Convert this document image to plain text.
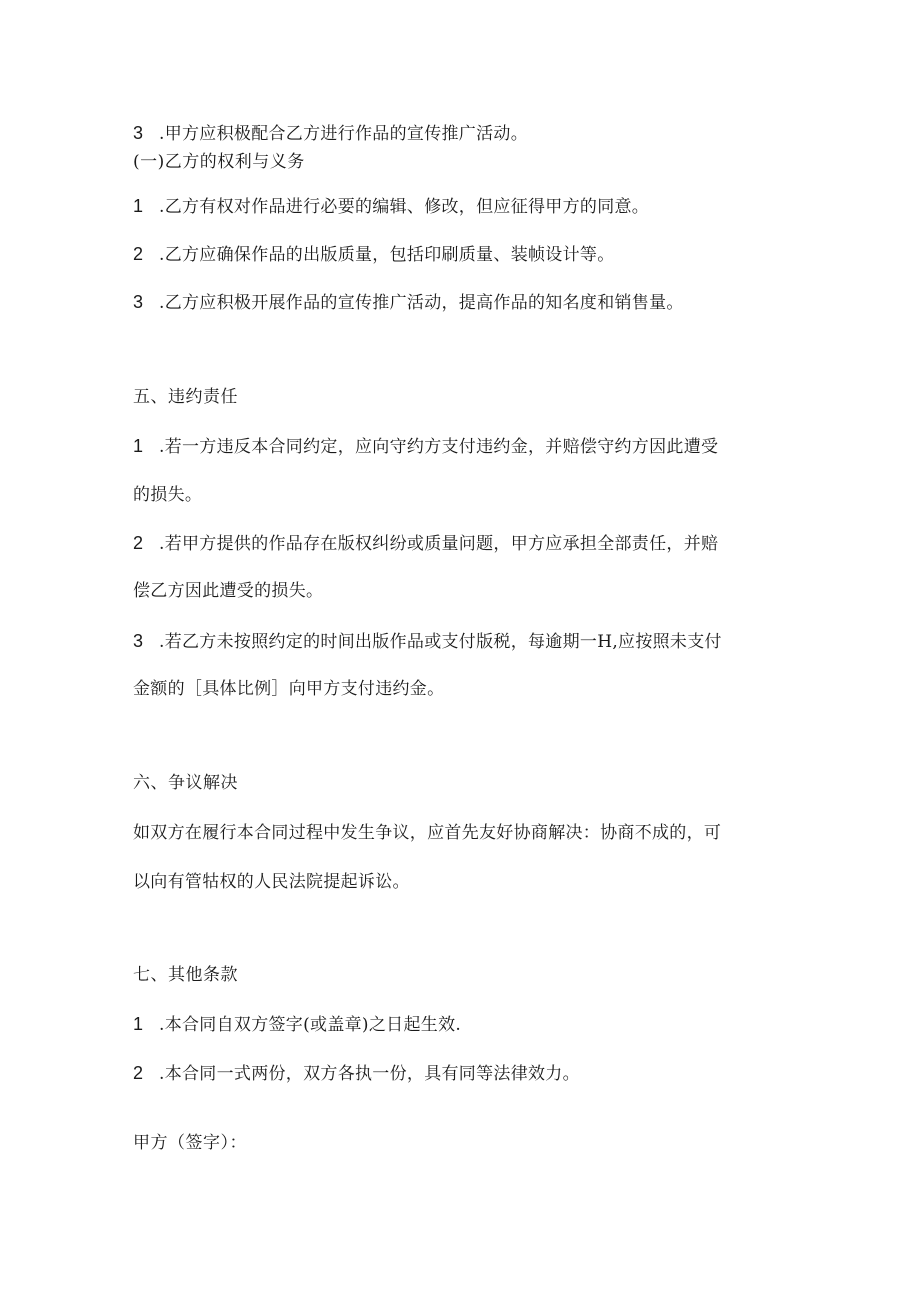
3 .甲方应积极配合乙方进行作品的宣传推广活动。
(一)乙方的权利与义务
1 .乙方有权对作品进行必要的编辑、修改，但应征得甲方的同意。
2 .乙方应确保作品的出版质量，包括印刷质量、装帧设计等。
3 .乙方应积极开展作品的宣传推广活动，提高作品的知名度和销售量。
五、违约责任
1 .若一方违反本合同约定，应向守约方支付违约金，并赔偿守约方因此遭受
的损失。
2 .若甲方提供的作品存在版权纠纷或质量问题，甲方应承担全部责任，并赔
偿乙方因此遭受的损失。
3 .若乙方未按照约定的时间出版作品或支付版税，每逾期一H,应按照未支付
金额的［具体比例］向甲方支付违约金。
六、争议解决
如双方在履行本合同过程中发生争议，应首先友好协商解决：协商不成的，可
以向有管牯权的人民法院提起诉讼。
七、其他条款
1 .本合同自双方签字(或盖章)之日起生效.
2 .本合同一式两份，双方各执一份，具有同等法律效力。
甲方（签字）：
